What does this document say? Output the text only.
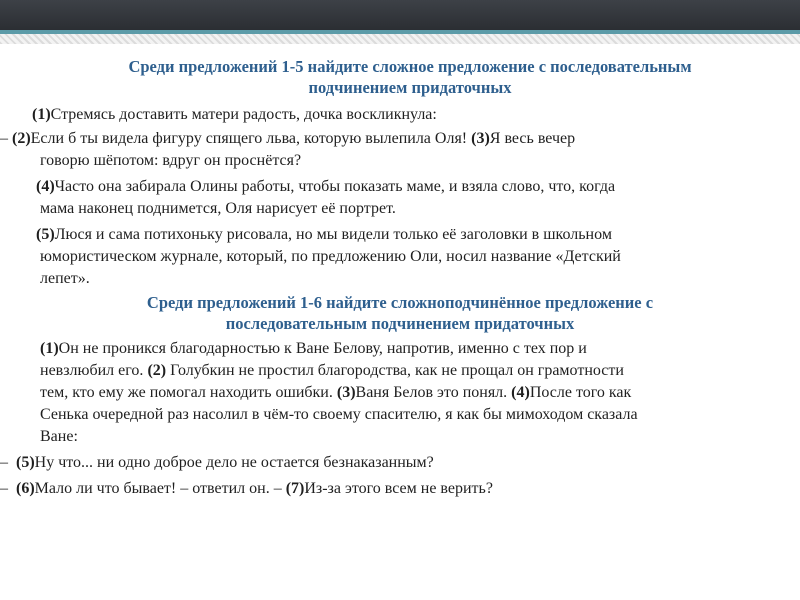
Среди предложений 1-5 найдите сложное предложение с последовательным
подчинением придаточных

(1)Стремясь доставить матери радость, дочка воскликнула:

– (2)Если б ты видела фигуру спящего льва, которую вылепила Оля! (3)Я весь вечер
говорю шёпотом: вдруг он проснётся?

(4)Часто она забирала Олины работы, чтобы показать маме, и взяла слово, что, когда
мама наконец поднимется, Оля нарисует её портрет.

(5)Люся и сама потихоньку рисовала, но мы видели только её заголовки в школьном
юмористическом журнале, который, по предложению Оли, носил название «Детский
лепет».

Среди предложений 1-6 найдите сложноподчинённое предложение с
последовательным подчинением придаточных

(1)Он не проникся благодарностью к Ване Белову, напротив, именно с тех пор и
невзлюбил его. (2) Голубкин не простил благородства, как не прощал он грамотности
тем, кто ему же помогал находить ошибки. (3)Ваня Белов это понял. (4)После того как
Сенька очередной раз насолил в чём-то своему спасителю, я как бы мимоходом сказала
Ване:

– (5)Ну что... ни одно доброе дело не остается безнаказанным?

– (6)Мало ли что бывает! – ответил он. – (7)Из-за этого всем не верить?
